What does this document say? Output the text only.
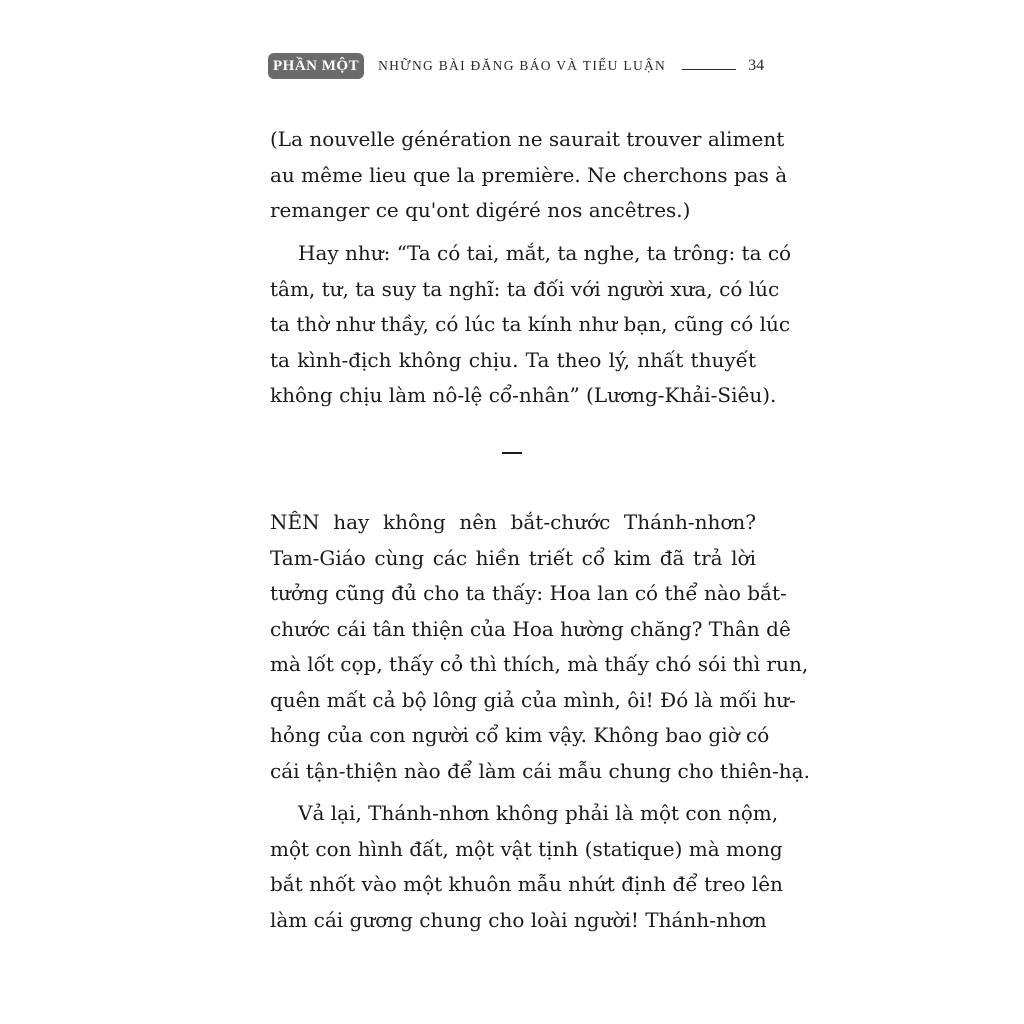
PHẦN MỘT	NHỮNG BÀI ĐĂNG BÁO VÀ TIỂU LUẬN	34
(La nouvelle génération ne saurait trouver aliment
au même lieu que la première. Ne cherchons pas à
remanger ce qu'ont digéré nos ancêtres.)
Hay như: “Ta có tai, mắt, ta nghe, ta trông: ta có
tâm, tư, ta suy ta nghĩ: ta đối với người xưa, có lúc
ta thờ như thầy, có lúc ta kính như bạn, cũng có lúc
ta kình-địch không chịu. Ta theo lý, nhất thuyết
không chịu làm nô-lệ cổ-nhân” (Lương-Khải-Siêu).
NÊN hay không nên bắt-chước Thánh-nhơn?
Tam-Giáo cùng các hiền triết cổ kim đã trả lời
tưởng cũng đủ cho ta thấy: Hoa lan có thể nào bắt-
chước cái tân thiện của Hoa hường chăng? Thân dê
mà lốt cọp, thấy cỏ thì thích, mà thấy chó sói thì run,
quên mất cả bộ lông giả của mình, ôi! Đó là mối hư-
hỏng của con người cổ kim vậy. Không bao giờ có
cái tận-thiện nào để làm cái mẫu chung cho thiên-hạ.
Vả lại, Thánh-nhơn không phải là một con nộm,
một con hình đất, một vật tịnh (statique) mà mong
bắt nhốt vào một khuôn mẫu nhứt định để treo lên
làm cái gương chung cho loài người! Thánh-nhơn
